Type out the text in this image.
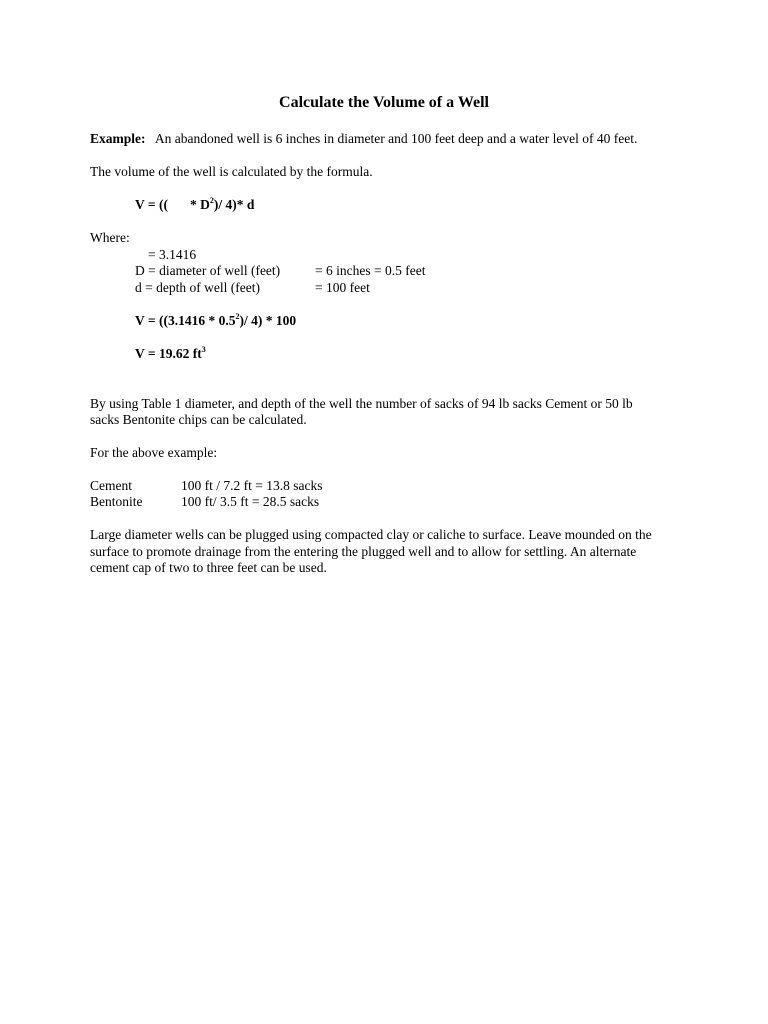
Calculate the Volume of a Well
Example: An abandoned well is 6 inches in diameter and 100 feet deep and a water level of 40 feet.
The volume of the well is calculated by the formula.
V = (( * $D^2)/$ 4)* d
Where:
= 3.1416
D = diameter of well (feet)	= 6 inches = 0.5 feet
d = depth of well (feet)	= 100 feet
$V = ((3.1416 * 0.5^2)/$ 4) * 100
V = 19.62 $ft^3$
By using Table 1 diameter, and depth of the well the number of sacks of 94 lb sacks Cement or 50 lb
sacks Bentonite chips can be calculated.
For the above example:
Cement	100 ft / 7.2 ft = 13.8 sacks
Bentonite	100 ft/ 3.5 ft = 28.5 sacks
Large diameter wells can be plugged using compacted clay or caliche to surface. Leave mounded on the
surface to promote drainage from the entering the plugged well and to allow for settling. An alternate
cement cap of two to three feet can be used.
